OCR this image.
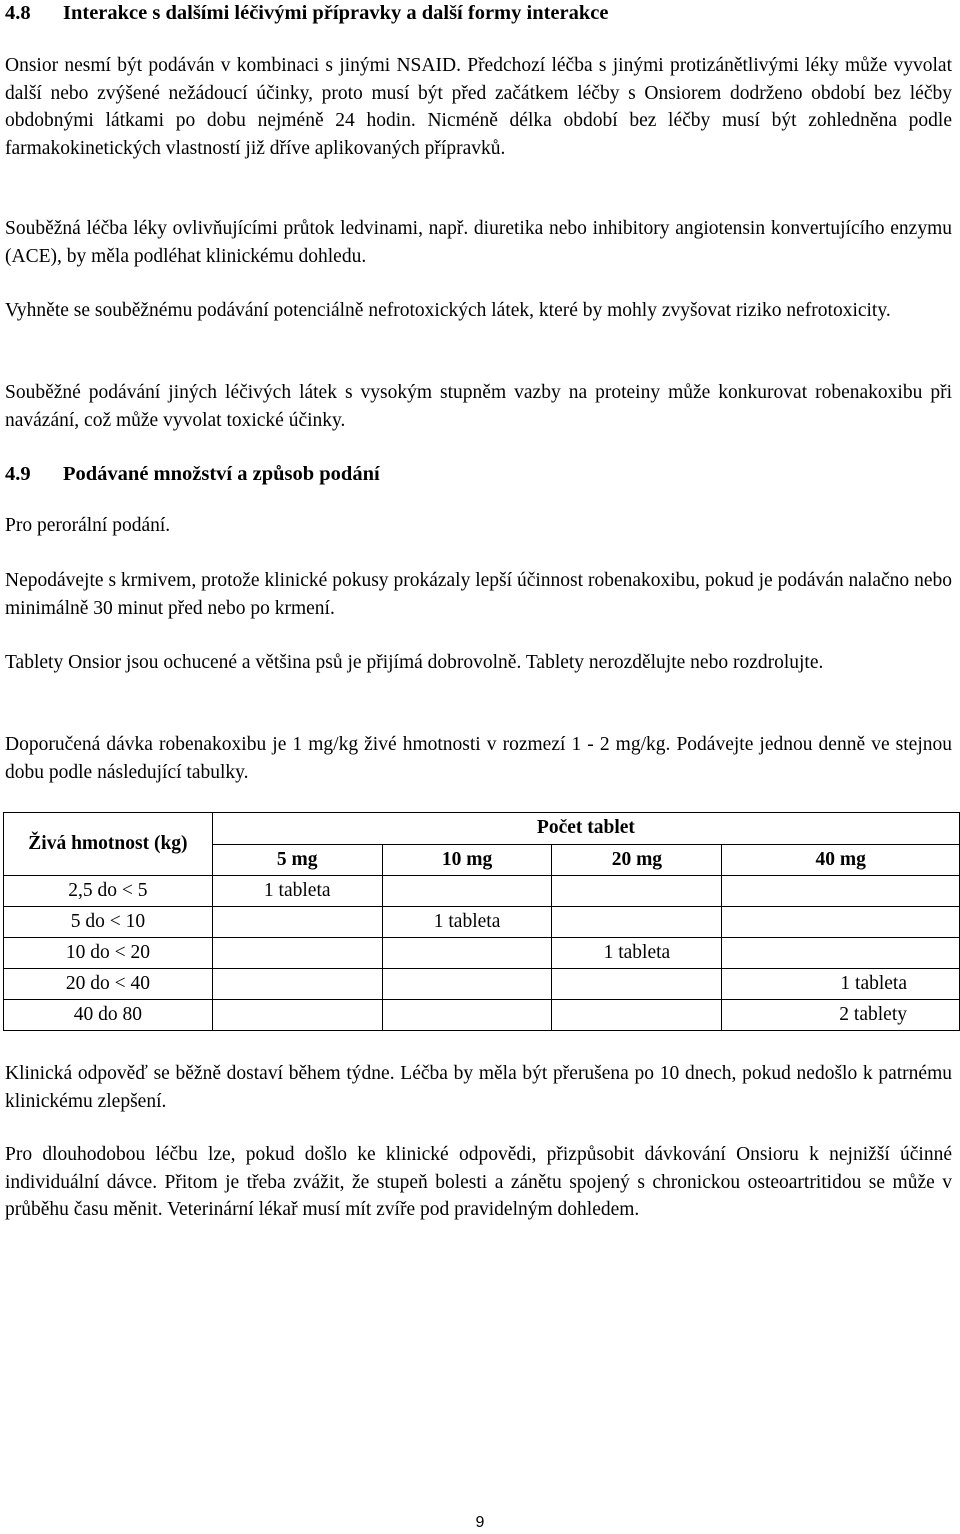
4.8	Interakce s dalšími léčivými přípravky a další formy interakce

Onsior nesmí být podáván v kombinaci s jinými NSAID. Předchozí léčba s jinými protizánětlivými léky může vyvolat další nebo zvýšené nežádoucí účinky, proto musí být před začátkem léčby s Onsiorem dodrženo období bez léčby obdobnými látkami po dobu nejméně 24 hodin. Nicméně délka období bez léčby musí být zohledněna podle farmakokinetických vlastností již dříve aplikovaných přípravků.

Souběžná léčba léky ovlivňujícími průtok ledvinami, např. diuretika nebo inhibitory angiotensin konvertujícího enzymu (ACE), by měla podléhat klinickému dohledu.

Vyhněte se souběžnému podávání potenciálně nefrotoxických látek, které by mohly zvyšovat riziko nefrotoxicity.

Souběžné podávání jiných léčivých látek s vysokým stupněm vazby na proteiny může konkurovat robenakoxibu při navázání, což může vyvolat toxické účinky.

4.9	Podávané množství a způsob podání

Pro perorální podání.

Nepodávejte s krmivem, protože klinické pokusy prokázaly lepší účinnost robenakoxibu, pokud je podáván nalačno nebo minimálně 30 minut před nebo po krmení.

Tablety Onsior jsou ochucené a většina psů je přijímá dobrovolně. Tablety nerozdělujte nebo rozdrolujte.

Doporučená dávka robenakoxibu je 1 mg/kg živé hmotnosti v rozmezí 1 - 2 mg/kg. Podávejte jednou denně ve stejnou dobu podle následující tabulky.

Živá hmotnost (kg)	Počet tablet			
	5 mg	10 mg	20 mg	40 mg
2,5 do < 5	1 tableta			
5 do < 10		1 tableta		
10 do < 20			1 tableta	
20 do < 40				1 tableta
40 do 80				2 tablety

Klinická odpověď se běžně dostaví během týdne. Léčba by měla být přerušena po 10 dnech, pokud nedošlo k patrnému klinickému zlepšení.

Pro dlouhodobou léčbu lze, pokud došlo ke klinické odpovědi, přizpůsobit dávkování Onsioru k nejnižší účinné individuální dávce. Přitom je třeba zvážit, že stupeň bolesti a zánětu spojený s chronickou osteoartritidou se může v průběhu času měnit. Veterinární lékař musí mít zvíře pod pravidelným dohledem.

9
